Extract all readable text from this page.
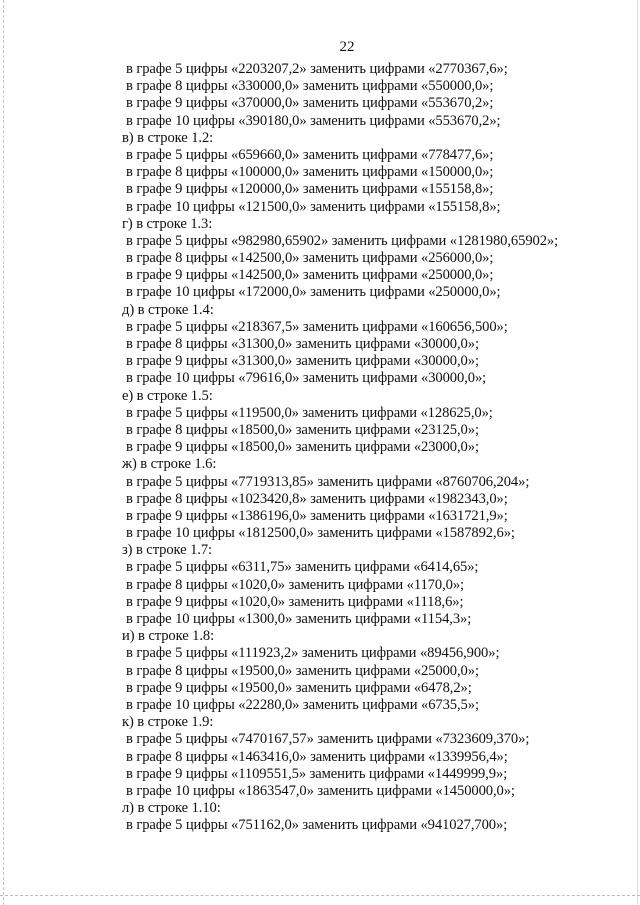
22
в графе 5 цифры «2203207,2» заменить цифрами «2770367,6»;
в графе 8 цифры «330000,0» заменить цифрами «550000,0»;
в графе 9 цифры «370000,0» заменить цифрами «553670,2»;
в графе 10 цифры «390180,0» заменить цифрами «553670,2»;
в) в строке 1.2:
в графе 5 цифры «659660,0» заменить цифрами «778477,6»;
в графе 8 цифры «100000,0» заменить цифрами «150000,0»;
в графе 9 цифры «120000,0» заменить цифрами «155158,8»;
в графе 10 цифры «121500,0» заменить цифрами «155158,8»;
г) в строке 1.3:
в графе 5 цифры «982980,65902» заменить цифрами «1281980,65902»;
в графе 8 цифры «142500,0» заменить цифрами «256000,0»;
в графе 9 цифры «142500,0» заменить цифрами «250000,0»;
в графе 10 цифры «172000,0» заменить цифрами «250000,0»;
д) в строке 1.4:
в графе 5 цифры «218367,5» заменить цифрами «160656,500»;
в графе 8 цифры «31300,0» заменить цифрами «30000,0»;
в графе 9 цифры «31300,0» заменить цифрами «30000,0»;
в графе 10 цифры «79616,0» заменить цифрами «30000,0»;
е) в строке 1.5:
в графе 5 цифры «119500,0» заменить цифрами «128625,0»;
в графе 8 цифры «18500,0» заменить цифрами «23125,0»;
в графе 9 цифры «18500,0» заменить цифрами «23000,0»;
ж) в строке 1.6:
в графе 5 цифры «7719313,85» заменить цифрами «8760706,204»;
в графе 8 цифры «1023420,8» заменить цифрами «1982343,0»;
в графе 9 цифры «1386196,0» заменить цифрами «1631721,9»;
в графе 10 цифры «1812500,0» заменить цифрами «1587892,6»;
з) в строке 1.7:
в графе 5 цифры «6311,75» заменить цифрами «6414,65»;
в графе 8 цифры «1020,0» заменить цифрами «1170,0»;
в графе 9 цифры «1020,0» заменить цифрами «1118,6»;
в графе 10 цифры «1300,0» заменить цифрами «1154,3»;
и) в строке 1.8:
в графе 5 цифры «111923,2» заменить цифрами «89456,900»;
в графе 8 цифры «19500,0» заменить цифрами «25000,0»;
в графе 9 цифры «19500,0» заменить цифрами «6478,2»;
в графе 10 цифры «22280,0» заменить цифрами «6735,5»;
к) в строке 1.9:
в графе 5 цифры «7470167,57» заменить цифрами «7323609,370»;
в графе 8 цифры «1463416,0» заменить цифрами «1339956,4»;
в графе 9 цифры «1109551,5» заменить цифрами «1449999,9»;
в графе 10 цифры «1863547,0» заменить цифрами «1450000,0»;
л) в строке 1.10:
в графе 5 цифры «751162,0» заменить цифрами «941027,700»;
